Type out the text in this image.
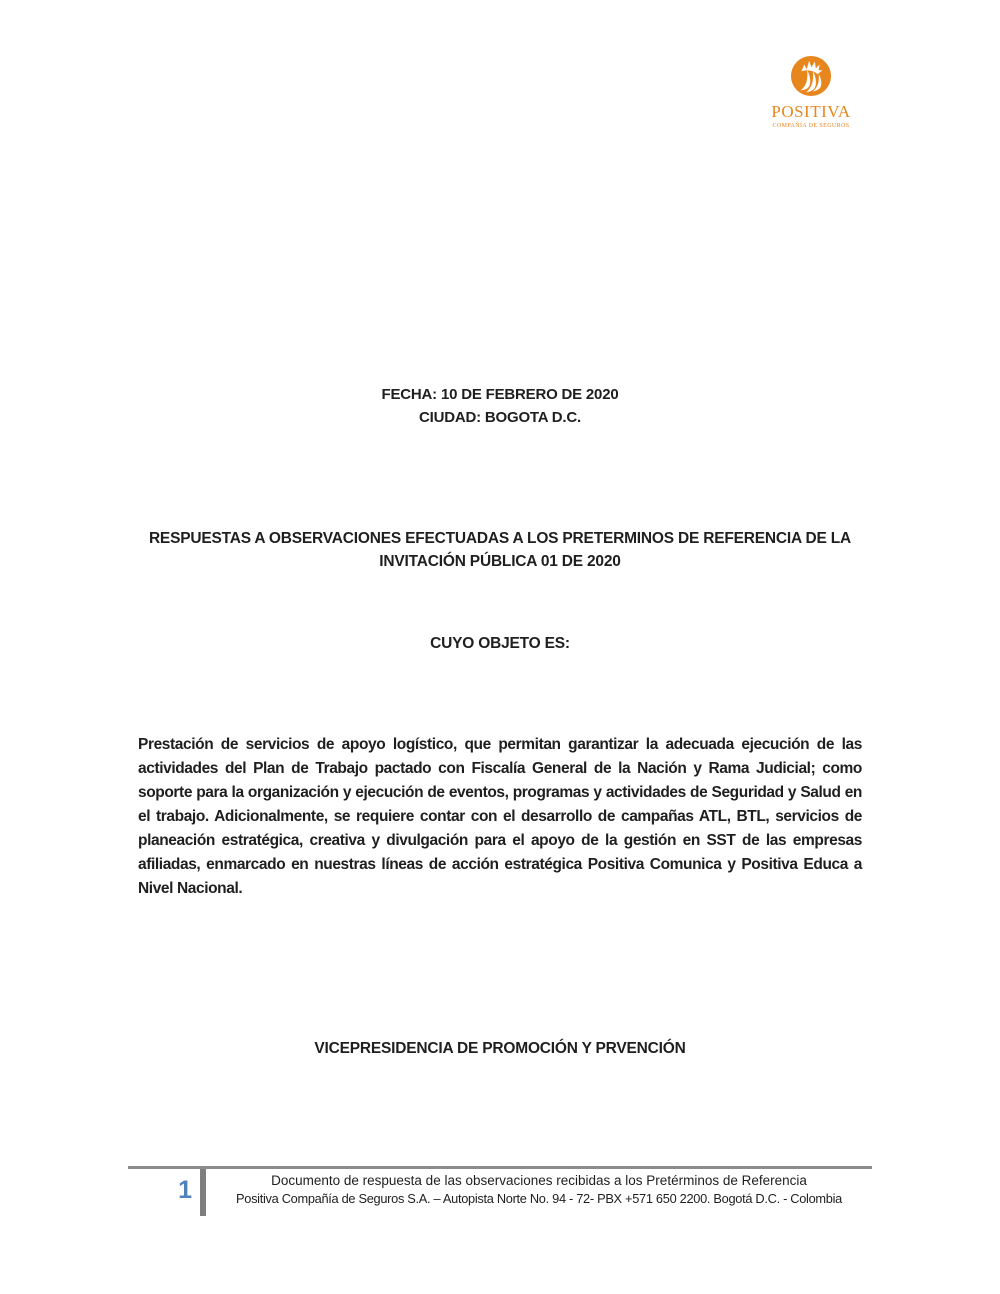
POSITIVA
COMPAÑÍA DE SEGUROS
FECHA: 10 DE FEBRERO DE 2020
CIUDAD: BOGOTA D.C.
RESPUESTAS A OBSERVACIONES EFECTUADAS A LOS PRETERMINOS DE REFERENCIA DE LA
INVITACIÓN PÚBLICA 01 DE 2020
CUYO OBJETO ES:
Prestación de servicios de apoyo logístico, que permitan garantizar la adecuada ejecución de las actividades del Plan de Trabajo pactado con Fiscalía General de la Nación y Rama Judicial; como soporte para la organización y ejecución de eventos, programas y actividades de Seguridad y Salud en el trabajo. Adicionalmente, se requiere contar con el desarrollo de campañas ATL, BTL, servicios de planeación estratégica, creativa y divulgación para el apoyo de la gestión en SST de las empresas afiliadas, enmarcado en nuestras líneas de acción estratégica Positiva Comunica y Positiva Educa a Nivel Nacional.
VICEPRESIDENCIA DE PROMOCIÓN Y PRVENCIÓN
1	Documento de respuesta de las observaciones recibidas a los Pretérminos de Referencia
Positiva Compañía de Seguros S.A. – Autopista Norte No. 94 - 72- PBX +571 650 2200. Bogotá D.C. - Colombia
